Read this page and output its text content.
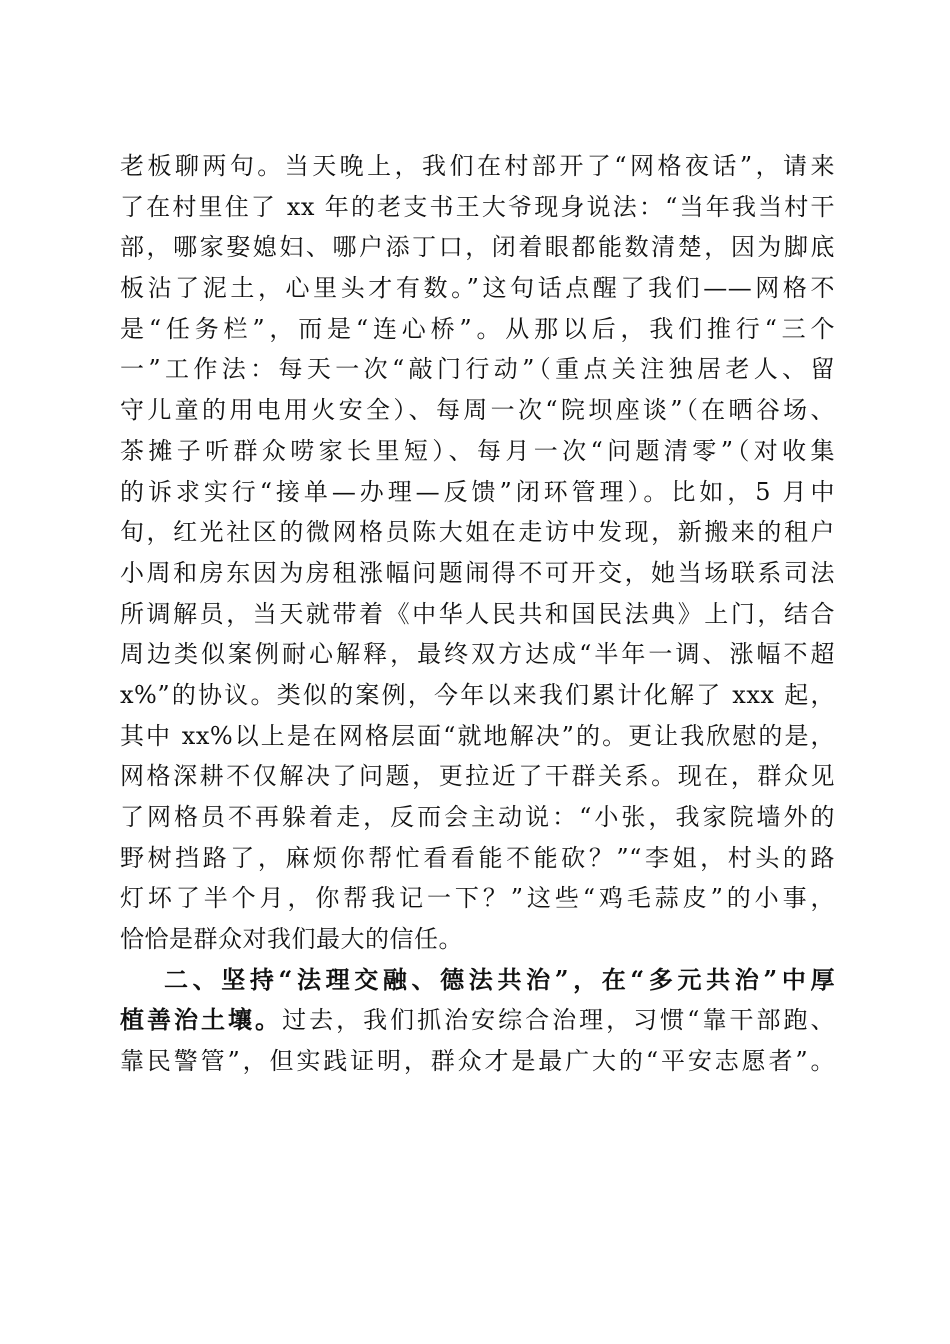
老板聊两句。当天晚上，我们在村部开了“网格夜话”，请来
了在村里住了 xx 年的老支书王大爷现身说法：“当年我当村干
部，哪家娶媳妇、哪户添丁口，闭着眼都能数清楚，因为脚底
板沾了泥土，心里头才有数。”这句话点醒了我们——网格不
是“任务栏”，而是“连心桥”。从那以后，我们推行“三个
一”工作法：每天一次“敲门行动”（重点关注独居老人、留
守儿童的用电用火安全）、每周一次“院坝座谈”（在晒谷场、
茶摊子听群众唠家长里短）、每月一次“问题清零”（对收集
的诉求实行“接单—办理—反馈”闭环管理）。比如，5 月中
旬，红光社区的微网格员陈大姐在走访中发现，新搬来的租户
小周和房东因为房租涨幅问题闹得不可开交，她当场联系司法
所调解员，当天就带着《中华人民共和国民法典》上门，结合
周边类似案例耐心解释，最终双方达成“半年一调、涨幅不超
x%”的协议。类似的案例，今年以来我们累计化解了 xxx 起，
其中 xx%以上是在网格层面“就地解决”的。更让我欣慰的是，
网格深耕不仅解决了问题，更拉近了干群关系。现在，群众见
了网格员不再躲着走，反而会主动说：“小张，我家院墙外的
野树挡路了，麻烦你帮忙看看能不能砍？”“李姐，村头的路
灯坏了半个月，你帮我记一下？”这些“鸡毛蒜皮”的小事，
恰恰是群众对我们最大的信任。
二、坚持“法理交融、德法共治”，在“多元共治”中厚
植善治土壤。过去，我们抓治安综合治理，习惯“靠干部跑、
靠民警管”，但实践证明，群众才是最广大的“平安志愿者”。
